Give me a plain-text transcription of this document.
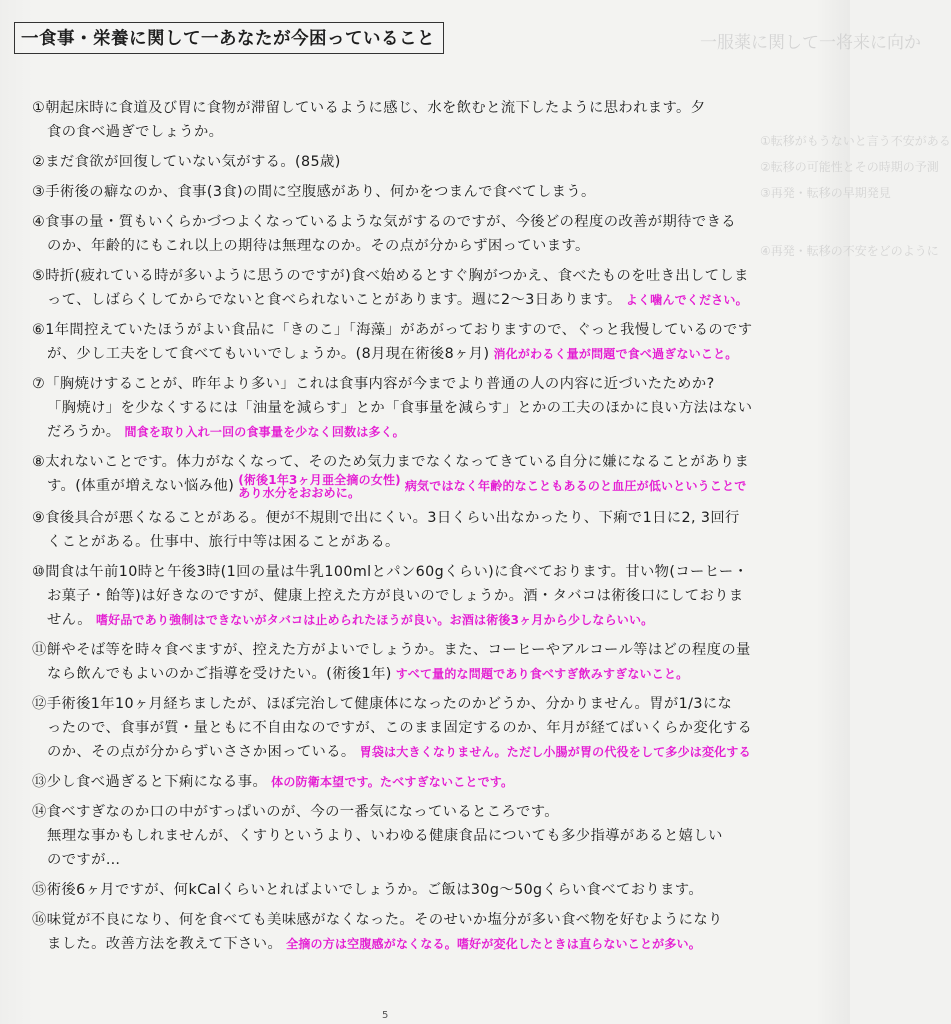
一服薬に関して一将来に向か
①転移がもうないと言う不安がある
②転移の可能性とその時期の予測
③再発・転移の早期発見
④再発・転移の不安をどのように
一食事・栄養に関して一あなたが今困っていること
①朝起床時に食道及び胃に食物が滞留しているように感じ、水を飲むと流下したように思われます。夕
食の食べ過ぎでしょうか。
②まだ食欲が回復していない気がする。(85歳)
③手術後の癖なのか、食事(3食)の間に空腹感があり、何かをつまんで食べてしまう。
④食事の量・質もいくらかづつよくなっているような気がするのですが、今後どの程度の改善が期待できる
のか、年齢的にもこれ以上の期待は無理なのか。その点が分からず困っています。
⑤時折(疲れている時が多いように思うのですが)食べ始めるとすぐ胸がつかえ、食べたものを吐き出してしま
って、しばらくしてからでないと食べられないことがあります。週に2〜3日あります。 よく噛んでください。
⑥1年間控えていたほうがよい食品に「きのこ」「海藻」があがっておりますので、ぐっと我慢しているのです
が、少し工夫をして食べてもいいでしょうか。(8月現在術後8ヶ月) 消化がわるく量が問題で食べ過ぎないこと。
⑦「胸焼けすることが、昨年より多い」これは食事内容が今までより普通の人の内容に近づいたためか?
「胸焼け」を少なくするには「油量を減らす」とか「食事量を減らす」とかの工夫のほかに良い方法はない
だろうか。 間食を取り入れ一回の食事量を少なく回数は多く。
⑧太れないことです。体力がなくなって、そのため気力までなくなってきている自分に嫌になることがありま
す。(体重が増えない悩み他) (術後1年3ヶ月亜全摘の女性)
あり水分をおおめに。	$^{病気ではなく年齢的なこともあるのと血圧が低いということで}$
⑨食後具合が悪くなることがある。便が不規則で出にくい。3日くらい出なかったり、下痢で1日に2, 3回行
くことがある。仕事中、旅行中等は困ることがある。
⑩間食は午前10時と午後3時(1回の量は牛乳100mlとパン60gくらい)に食べております。甘い物(コーヒー・
お菓子・飴等)は好きなのですが、健康上控えた方が良いのでしょうか。酒・タバコは術後口にしておりま
せん。 嗜好品であり強制はできないがタバコは止められたほうが良い。お酒は術後3ヶ月から少しならいい。
⑪餅やそば等を時々食べますが、控えた方がよいでしょうか。また、コーヒーやアルコール等はどの程度の量
なら飲んでもよいのかご指導を受けたい。(術後1年) すべて量的な問題であり食べすぎ飲みすぎないこと。
⑫手術後1年10ヶ月経ちましたが、ほぼ完治して健康体になったのかどうか、分かりません。胃が1/3にな
ったので、食事が質・量ともに不自由なのですが、このまま固定するのか、年月が経てばいくらか変化する
のか、その点が分からずいささか困っている。 胃袋は大きくなりません。ただし小腸が胃の代役をして多少は変化する
⑬少し食べ過ぎると下痢になる事。 体の防衛本望です。たべすぎないことです。
⑭食べすぎなのか口の中がすっぱいのが、今の一番気になっているところです。
無理な事かもしれませんが、くすりというより、いわゆる健康食品についても多少指導があると嬉しい
のですが…
⑮術後6ヶ月ですが、何kCalくらいとればよいでしょうか。ご飯は30g〜50gくらい食べております。
⑯味覚が不良になり、何を食べても美味感がなくなった。そのせいか塩分が多い食べ物を好むようになり
ました。改善方法を教えて下さい。 全摘の方は空腹感がなくなる。嗜好が変化したときは直らないことが多い。
5
